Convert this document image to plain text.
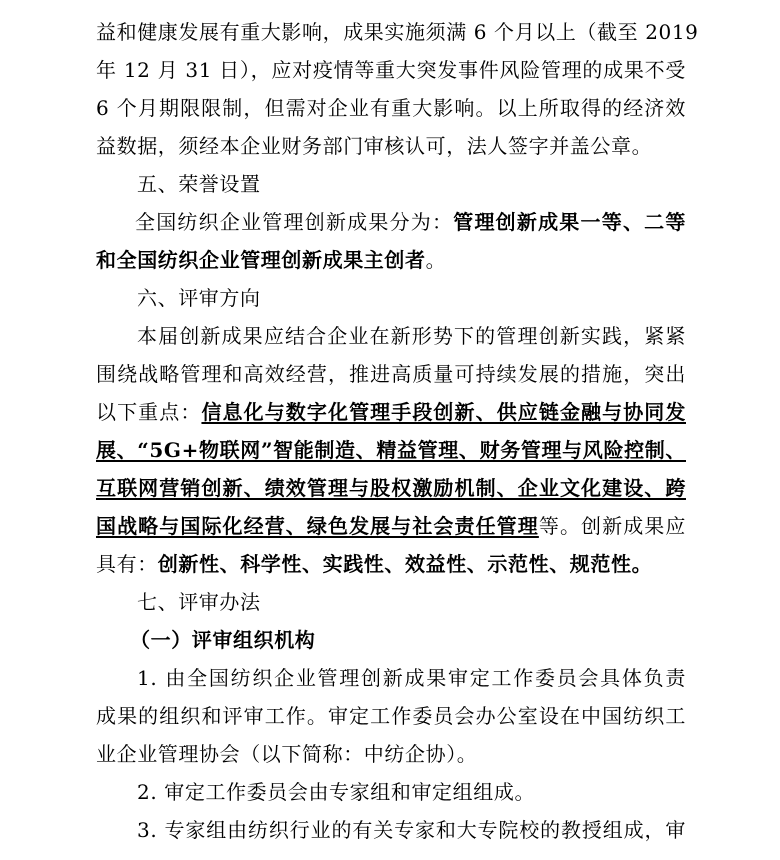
益和健康发展有重大影响，成果实施须满 6 个月以上（截至 2019
年 12 月 31 日），应对疫情等重大突发事件风险管理的成果不受
6 个月期限限制，但需对企业有重大影响。以上所取得的经济效
益数据，须经本企业财务部门审核认可，法人签字并盖公章。
五、荣誉设置
全国纺织企业管理创新成果分为：管理创新成果一等、二等
和全国纺织企业管理创新成果主创者。
六、评审方向
本届创新成果应结合企业在新形势下的管理创新实践，紧紧
围绕战略管理和高效经营，推进高质量可持续发展的措施，突出
以下重点：信息化与数字化管理手段创新、供应链金融与协同发
展、“5G+物联网”智能制造、精益管理、财务管理与风险控制、
互联网营销创新、绩效管理与股权激励机制、企业文化建设、跨
国战略与国际化经营、绿色发展与社会责任管理等。创新成果应
具有：创新性、科学性、实践性、效益性、示范性、规范性。
七、评审办法
（一）评审组织机构
1. 由全国纺织企业管理创新成果审定工作委员会具体负责
成果的组织和评审工作。审定工作委员会办公室设在中国纺织工
业企业管理协会（以下简称：中纺企协）。
2. 审定工作委员会由专家组和审定组组成。
3. 专家组由纺织行业的有关专家和大专院校的教授组成，审
